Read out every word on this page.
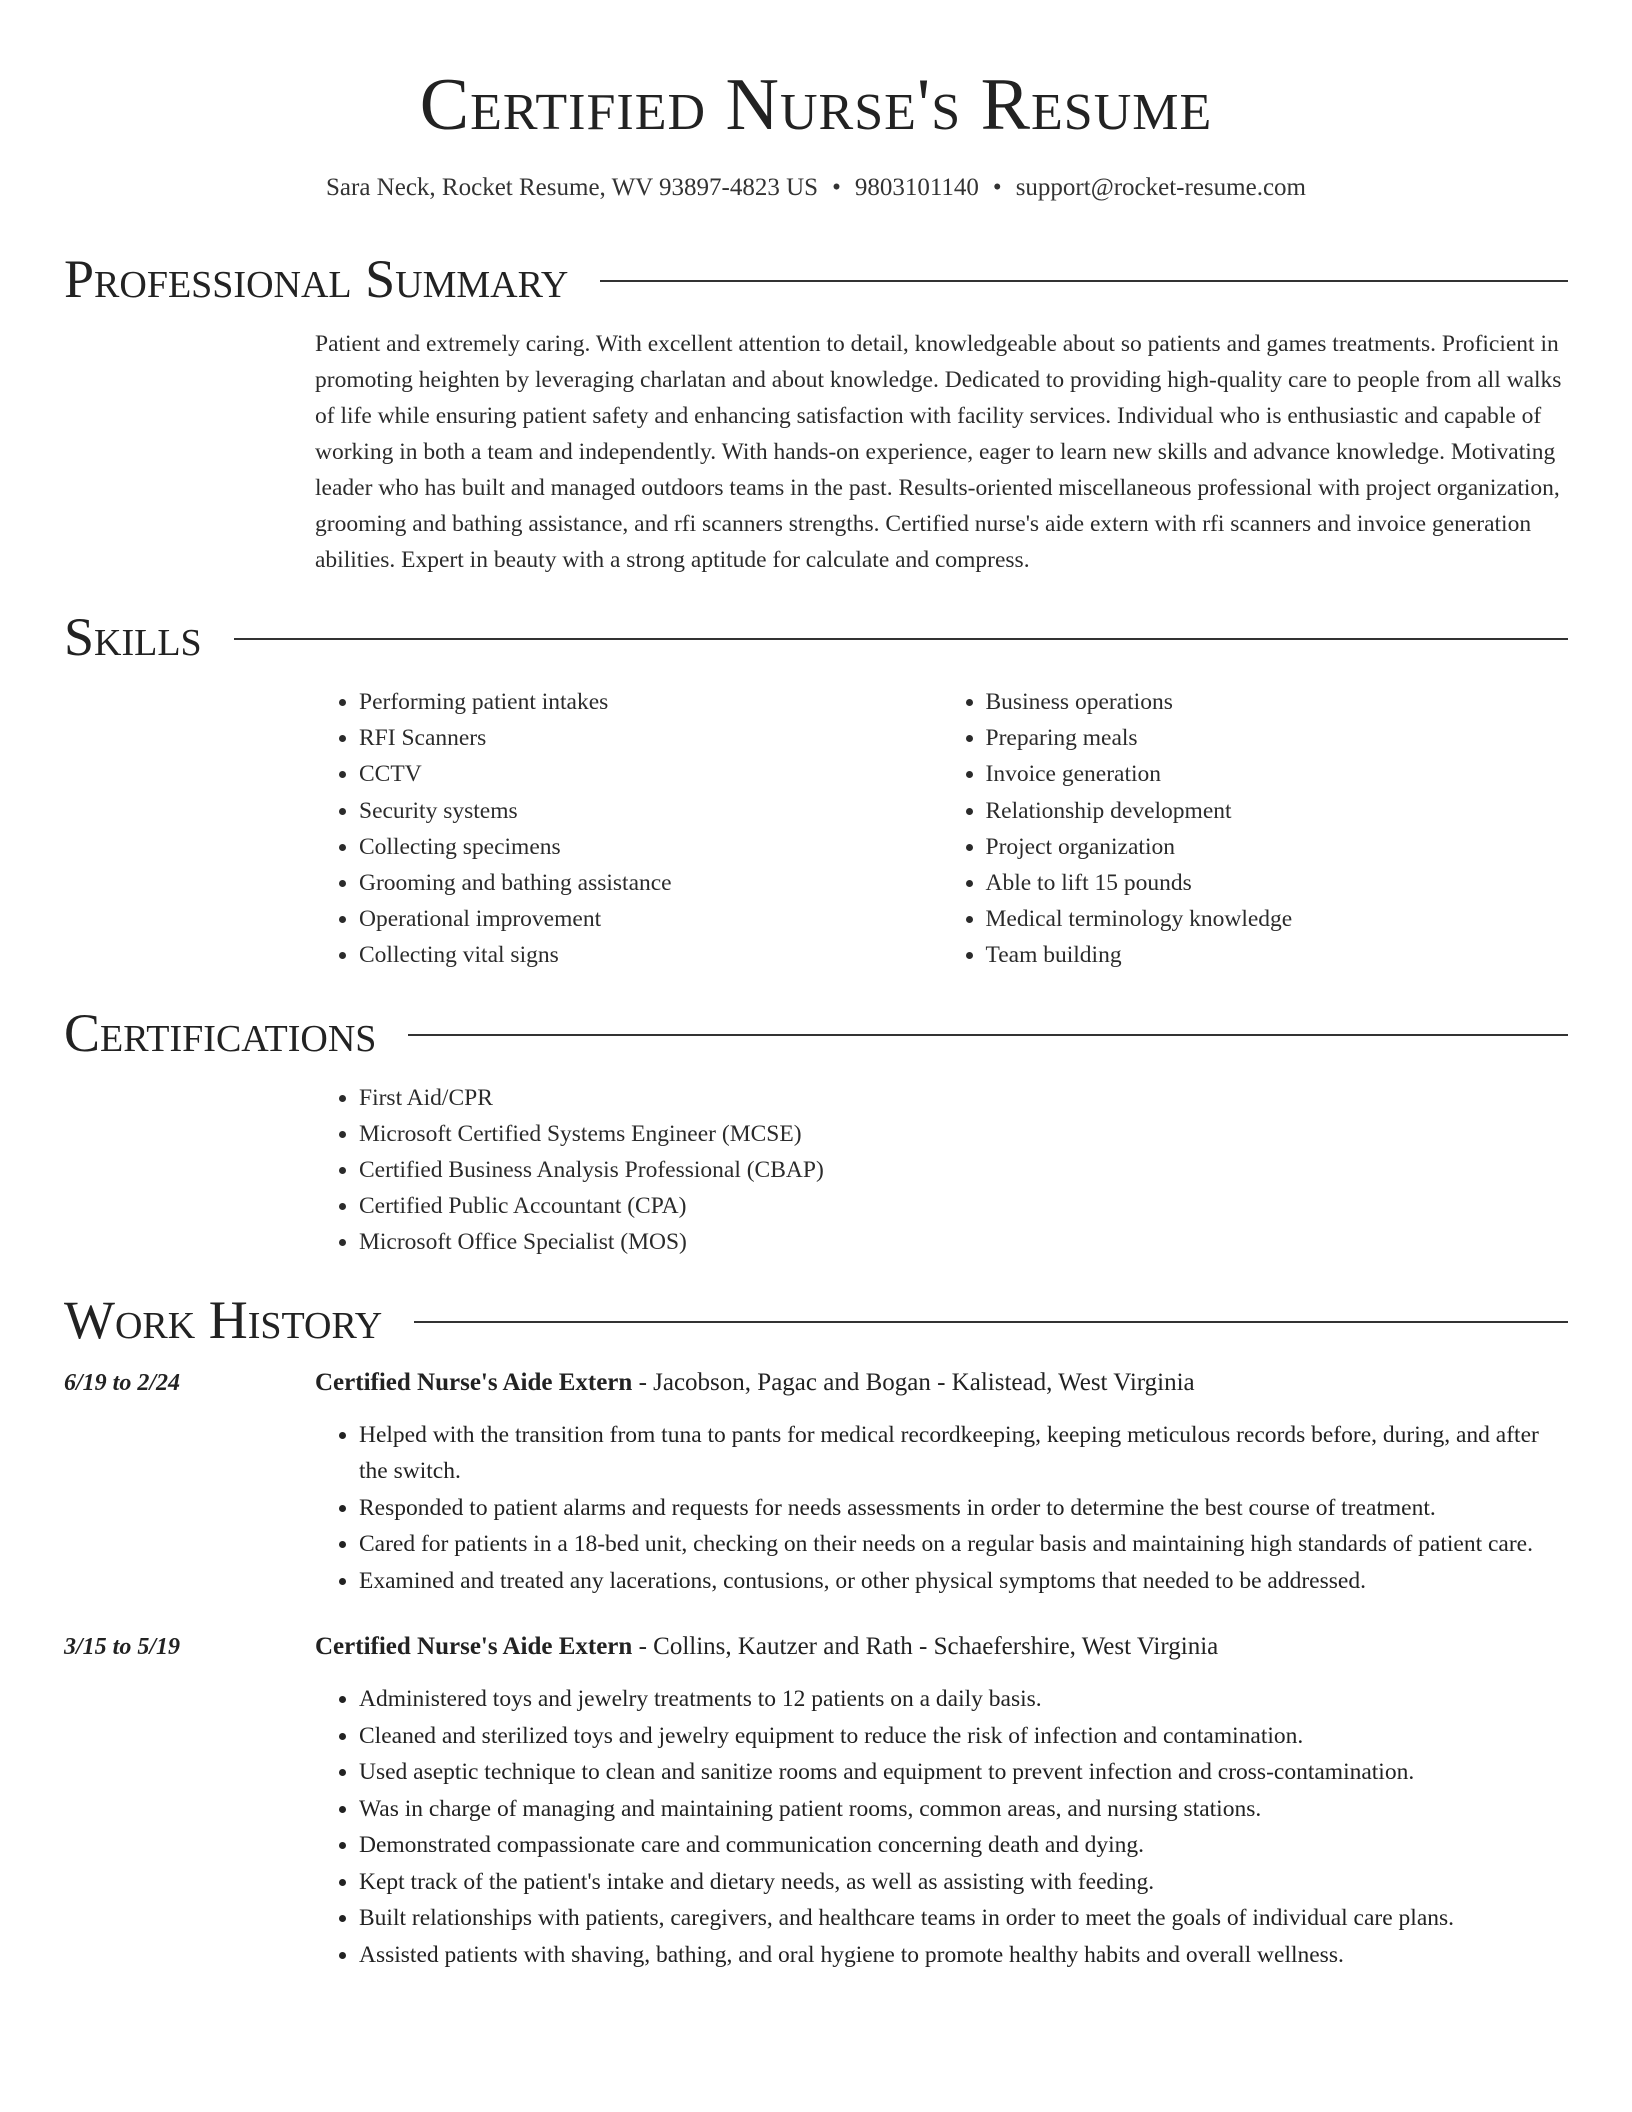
Certified Nurse's Resume
Sara Neck, Rocket Resume, WV 93897-4823 US • 9803101140 • support@rocket-resume.com
Professional Summary

Patient and extremely caring. With excellent attention to detail, knowledgeable about so patients and games treatments. Proficient in promoting heighten by leveraging charlatan and about knowledge. Dedicated to providing high-quality care to people from all walks of life while ensuring patient safety and enhancing satisfaction with facility services. Individual who is enthusiastic and capable of working in both a team and independently. With hands-on experience, eager to learn new skills and advance knowledge. Motivating leader who has built and managed outdoors teams in the past. Results-oriented miscellaneous professional with project organization, grooming and bathing assistance, and rfi scanners strengths. Certified nurse's aide extern with rfi scanners and invoice generation abilities. Expert in beauty with a strong aptitude for calculate and compress.

Skills
• Performing patient intakes
• RFI Scanners
• CCTV
• Security systems
• Collecting specimens
• Grooming and bathing assistance
• Operational improvement
• Collecting vital signs
• Business operations
• Preparing meals
• Invoice generation
• Relationship development
• Project organization
• Able to lift 15 pounds
• Medical terminology knowledge
• Team building
Certifications
• First Aid/CPR
• Microsoft Certified Systems Engineer (MCSE)
• Certified Business Analysis Professional (CBAP)
• Certified Public Accountant (CPA)
• Microsoft Office Specialist (MOS)
Work History
6/19 to 2/24	Certified Nurse's Aide Extern - Jacobson, Pagac and Bogan - Kalistead, West Virginia
• Helped with the transition from tuna to pants for medical recordkeeping, keeping meticulous records before, during, and after the switch.
• Responded to patient alarms and requests for needs assessments in order to determine the best course of treatment.
• Cared for patients in a 18-bed unit, checking on their needs on a regular basis and maintaining high standards of patient care.
• Examined and treated any lacerations, contusions, or other physical symptoms that needed to be addressed.
3/15 to 5/19	Certified Nurse's Aide Extern - Collins, Kautzer and Rath - Schaefershire, West Virginia
• Administered toys and jewelry treatments to 12 patients on a daily basis.
• Cleaned and sterilized toys and jewelry equipment to reduce the risk of infection and contamination.
• Used aseptic technique to clean and sanitize rooms and equipment to prevent infection and cross-contamination.
• Was in charge of managing and maintaining patient rooms, common areas, and nursing stations.
• Demonstrated compassionate care and communication concerning death and dying.
• Kept track of the patient's intake and dietary needs, as well as assisting with feeding.
• Built relationships with patients, caregivers, and healthcare teams in order to meet the goals of individual care plans.
• Assisted patients with shaving, bathing, and oral hygiene to promote healthy habits and overall wellness.
